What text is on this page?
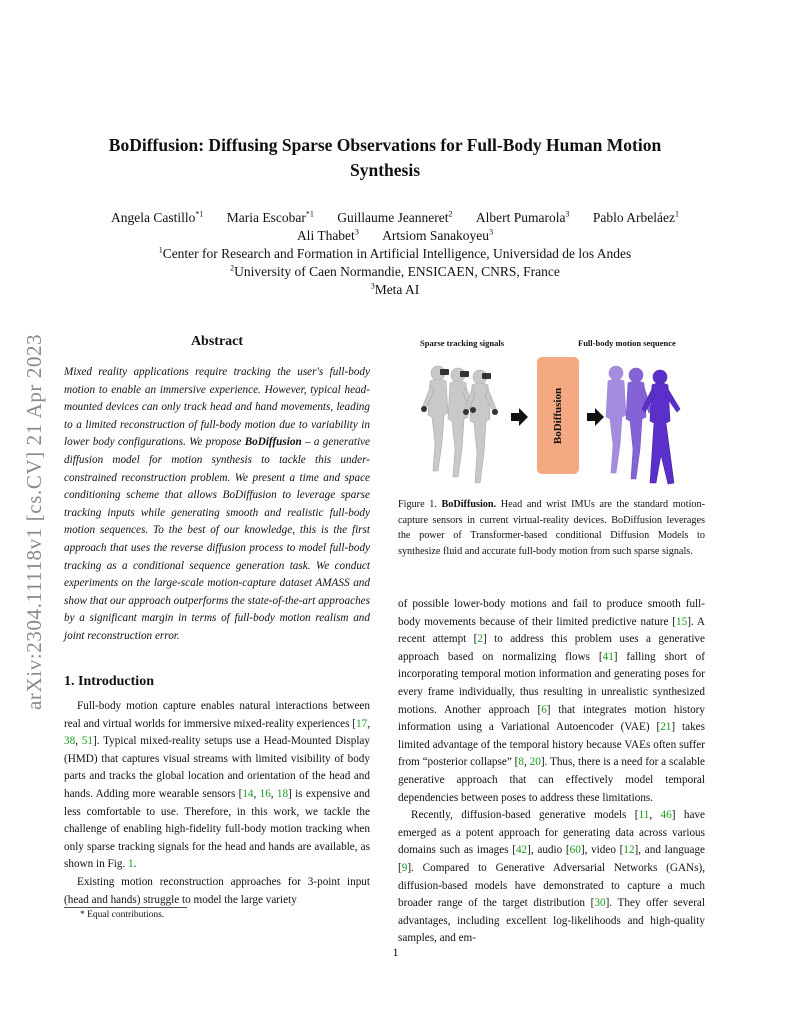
arXiv:2304.11118v1 [cs.CV] 21 Apr 2023
BoDiffusion: Diffusing Sparse Observations for Full-Body Human Motion
Synthesis
Angela Castillo$^{*1}$ Maria Escobar$^{*1}$ Guillaume Jeanneret$^2$ Albert Pumarola$^3$ Pablo Arbeláez$^1$
Ali Thabet$^3$ Artsiom Sanakoyeu$^3$
$^1$Center for Research and Formation in Artificial Intelligence, Universidad de los Andes
$^2$University of Caen Normandie, ENSICAEN, CNRS, France
$^3$Meta AI
Abstract
Mixed reality applications require tracking the user's full-body motion to enable an immersive experience. However, typical head-mounted devices can only track head and hand movements, leading to a limited reconstruction of full-body motion due to variability in lower body configurations. We propose BoDiffusion – a generative diffusion model for motion synthesis to tackle this under-constrained reconstruction problem. We present a time and space conditioning scheme that allows BoDiffusion to leverage sparse tracking inputs while generating smooth and realistic full-body motion sequences. To the best of our knowledge, this is the first approach that uses the reverse diffusion process to model full-body tracking as a conditional sequence generation task. We conduct experiments on the large-scale motion-capture dataset AMASS and show that our approach outperforms the state-of-the-art approaches by a significant margin in terms of full-body motion realism and joint reconstruction error.
1. Introduction

Full-body motion capture enables natural interactions between real and virtual worlds for immersive mixed-reality experiences [17, 38, 51]. Typical mixed-reality setups use a Head-Mounted Display (HMD) that captures visual streams with limited visibility of body parts and tracks the global location and orientation of the head and hands. Adding more wearable sensors [14, 16, 18] is expensive and less comfortable to use. Therefore, in this work, we tackle the challenge of enabling high-fidelity full-body motion tracking when only sparse tracking signals for the head and hands are available, as shown in Fig. 1.

Existing motion reconstruction approaches for 3-point input (head and hands) struggle to model the large variety

of possible lower-body motions and fail to produce smooth full-body movements because of their limited predictive nature [15]. A recent attempt [2] to address this problem uses a generative approach based on normalizing flows [41] falling short of incorporating temporal motion information and generating poses for every frame individually, thus resulting in unrealistic synthesized motions. Another approach [6] that integrates motion history information using a Variational Autoencoder (VAE) [21] takes limited advantage of the temporal history because VAEs often suffer from “posterior collapse” [8, 20]. Thus, there is a need for a scalable generative approach that can effectively model temporal dependencies between poses to address these limitations.

Recently, diffusion-based generative models [11, 46] have emerged as a potent approach for generating data across various domains such as images [42], audio [60], video [12], and language [9]. Compared to Generative Adversarial Networks (GANs), diffusion-based models have demonstrated to capture a much broader range of the target distribution [30]. They offer several advantages, including excellent log-likelihoods and high-quality samples, and em-

* Equal contributions.
1
Sparse tracking signals	Full-body motion sequence
BoDiffusion
Figure 1. BoDiffusion. Head and wrist IMUs are the standard motion-capture sensors in current virtual-reality devices. BoDiffusion leverages the power of Transformer-based conditional Diffusion Models to synthesize fluid and accurate full-body motion from such sparse signals.
